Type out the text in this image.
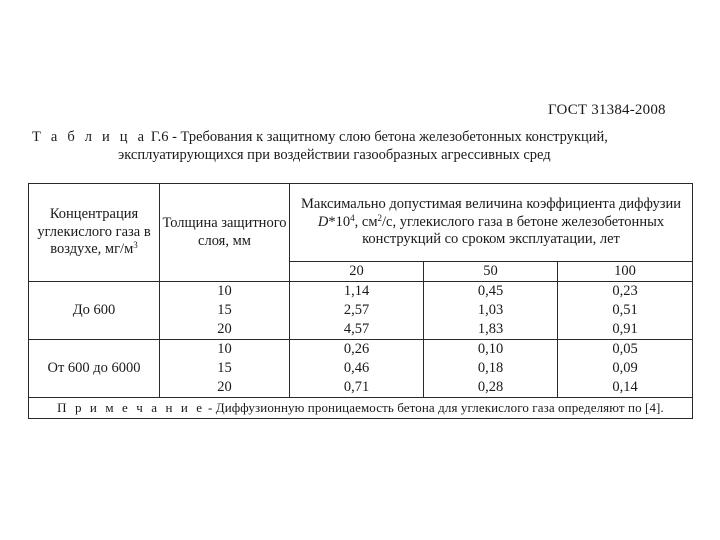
ГОСТ 31384-2008
Т а б л и ц а Г.6 - Требования к защитному слою бетона железобетонных конструкций,
эксплуатирующихся при воздействии газообразных агрессивных сред
Концентрация углекислого газа в воздухе, $мг/м^3$	Толщина защитного слоя, мм	Максимально допустимая величина коэффициента диффузии $D*10^4$, $см^2/с$, углекислого газа в бетоне железобетонных конструкций со сроком эксплуатации, лет		
		20	50	100
До 600	10	1,14	0,45	0,23
	15	2,57	1,03	0,51
	20	4,57	1,83	0,91
От 600 до 6000	10	0,26	0,10	0,05
	15	0,46	0,18	0,09
	20	0,71	0,28	0,14
П р и м е ч а н и е - Диффузионную проницаемость бетона для углекислого газа определяют по [4].				
